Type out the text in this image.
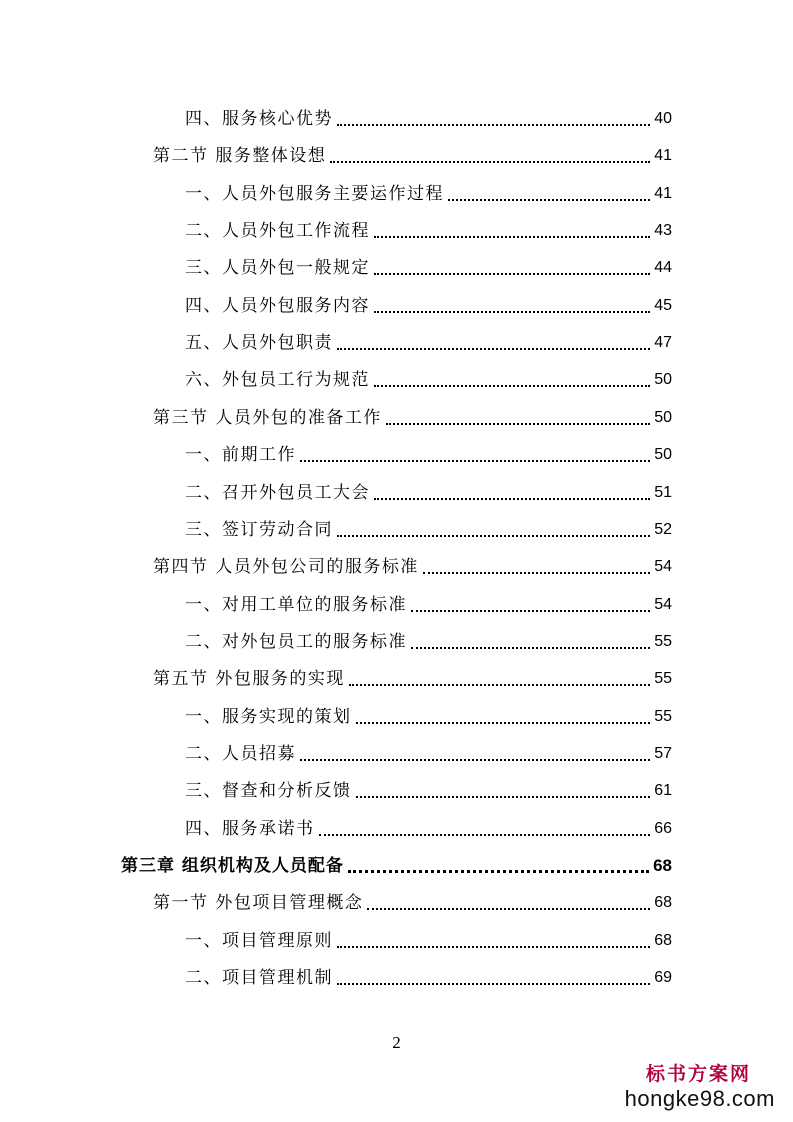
四、服务核心优势	40
第二节 服务整体设想	41
一、人员外包服务主要运作过程	41
二、人员外包工作流程	43
三、人员外包一般规定	44
四、人员外包服务内容	45
五、人员外包职责	47
六、外包员工行为规范	50
第三节 人员外包的准备工作	50
一、前期工作	50
二、召开外包员工大会	51
三、签订劳动合同	52
第四节 人员外包公司的服务标准	54
一、对用工单位的服务标准	54
二、对外包员工的服务标准	55
第五节 外包服务的实现	55
一、服务实现的策划	55
二、人员招募	57
三、督查和分析反馈	61
四、服务承诺书	66
第三章 组织机构及人员配备	68
第一节 外包项目管理概念	68
一、项目管理原则	68
二、项目管理机制	69
2
标书方案网
hongke98.com
